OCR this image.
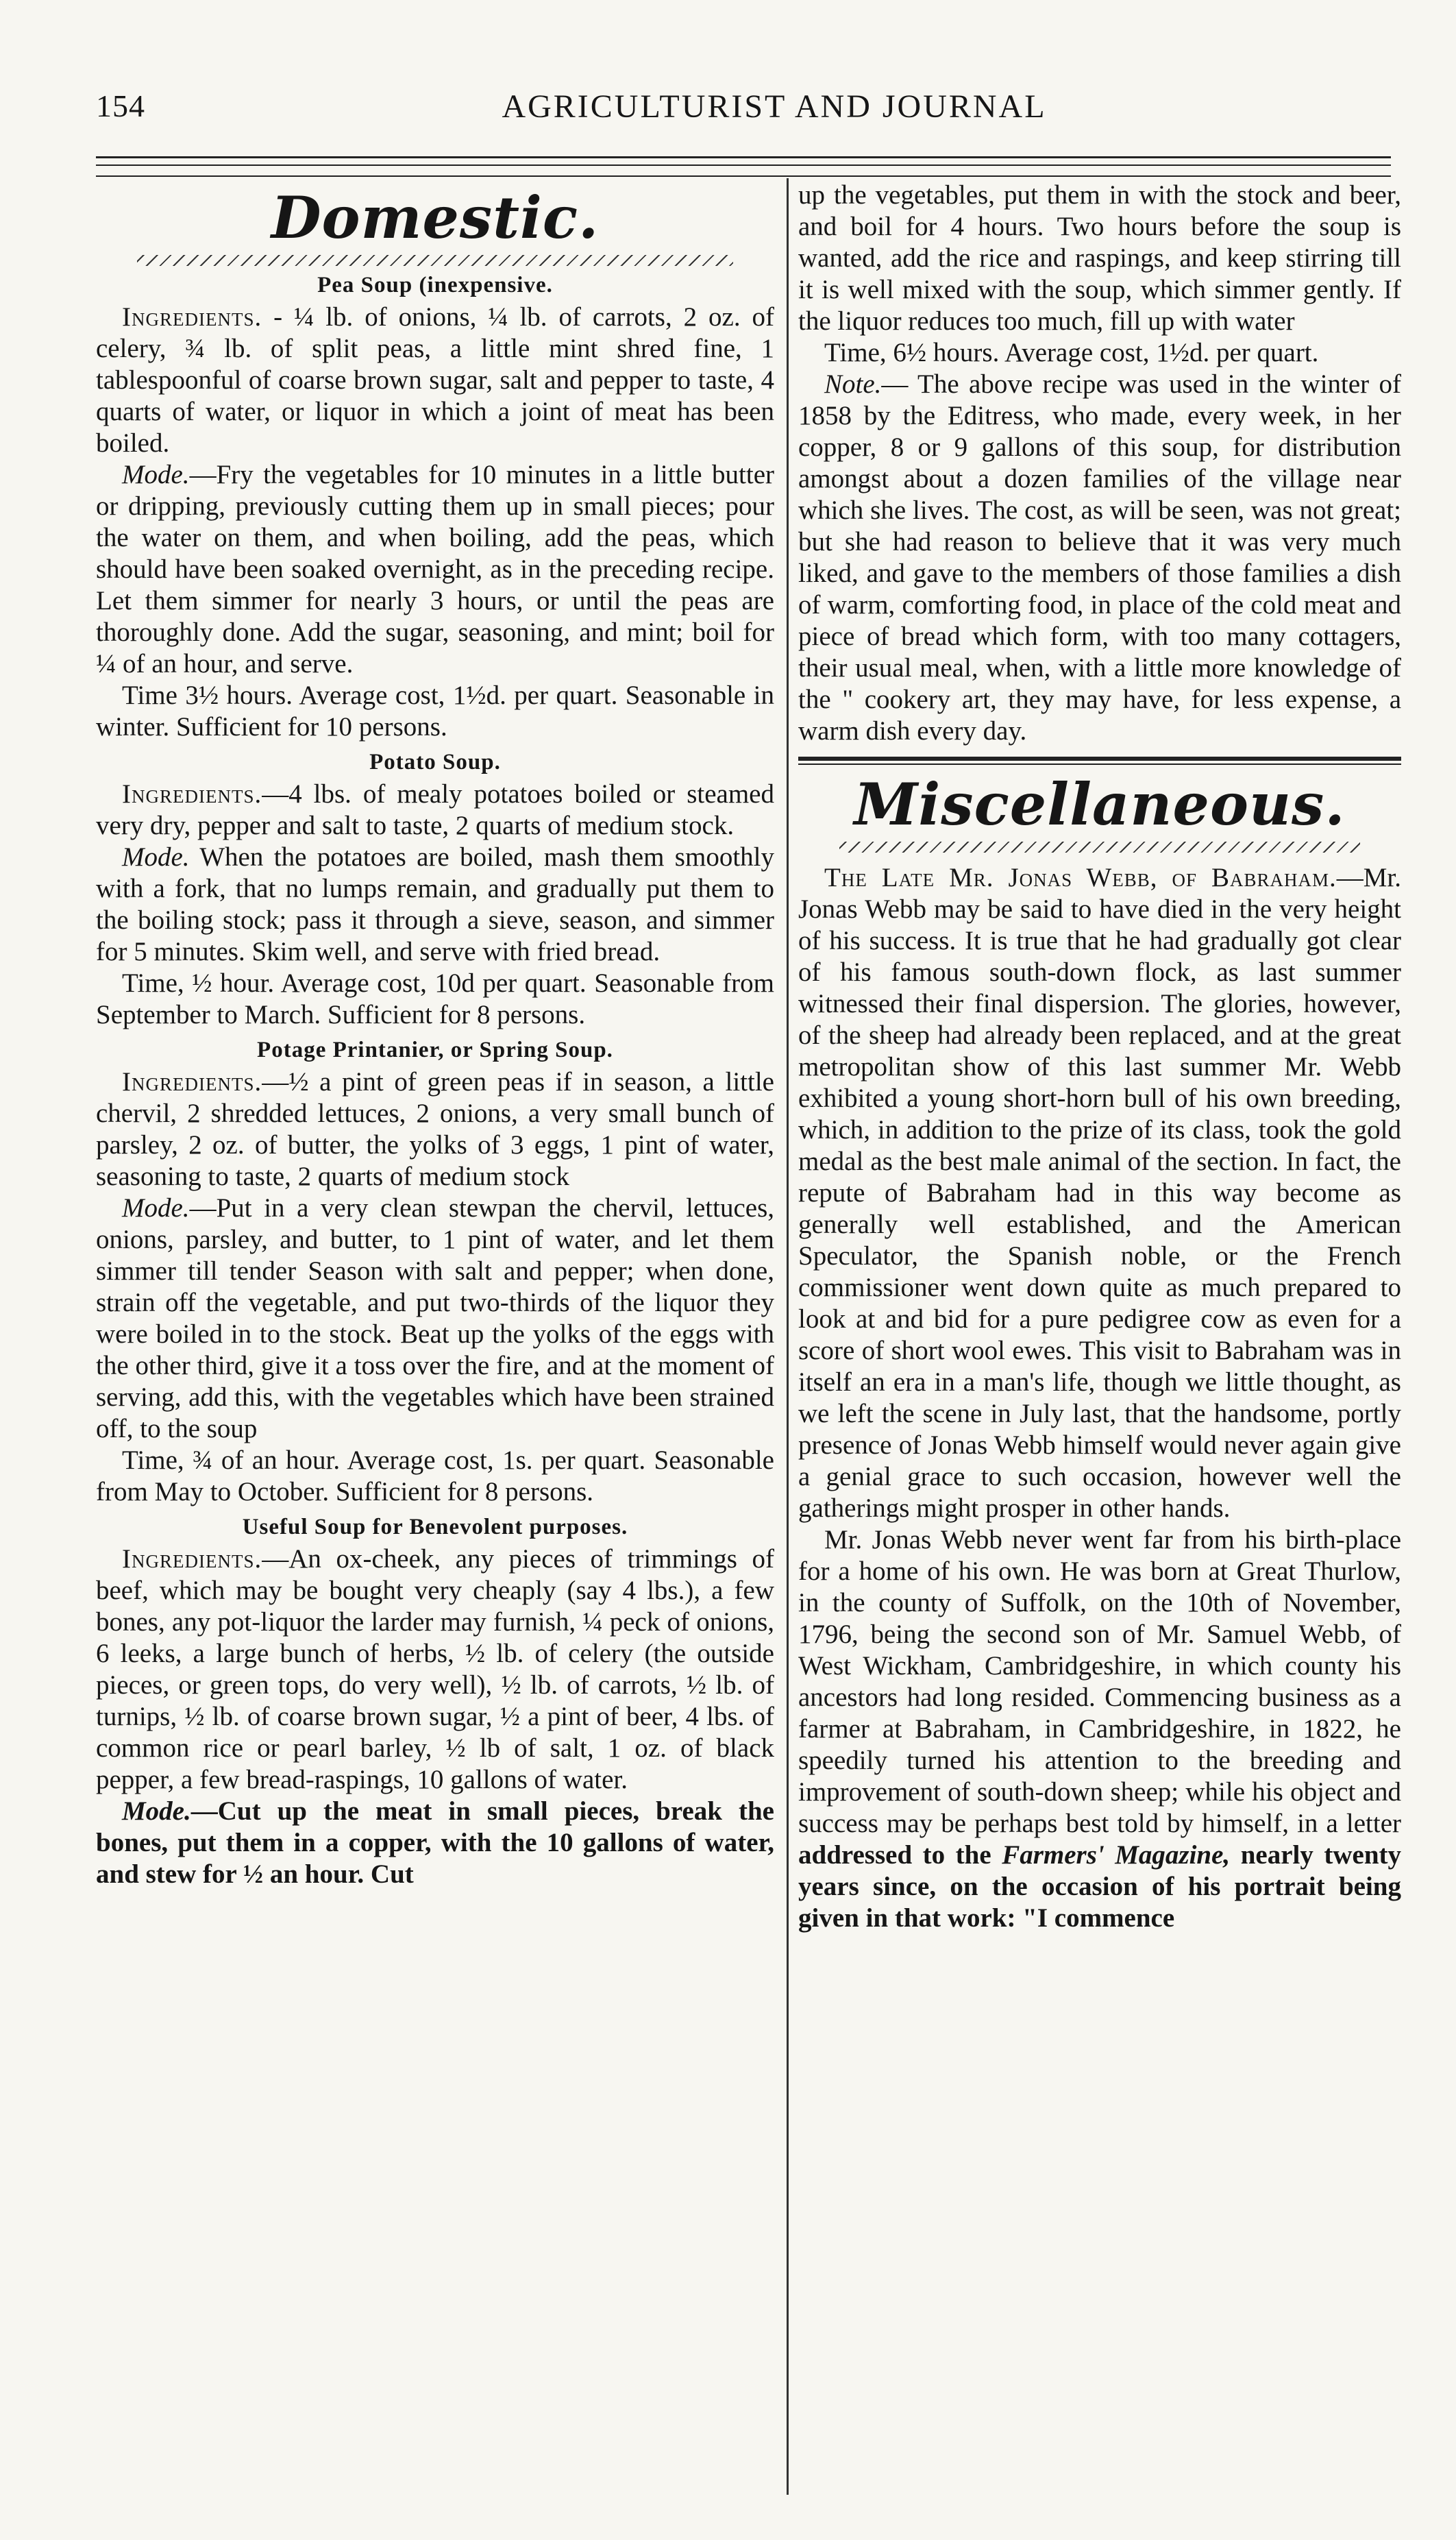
154	AGRICULTURIST AND JOURNAL
Domestic.
Pea Soup (inexpensive.

Ingredients. - ¼ lb. of onions, ¼ lb. of carrots, 2 oz. of celery, ¾ lb. of split peas, a little mint shred fine, 1 tablespoonful of coarse brown sugar, salt and pepper to taste, 4 quarts of water, or liquor in which a joint of meat has been boiled.

Mode.—Fry the vegetables for 10 minutes in a little butter or dripping, previously cutting them up in small pieces; pour the water on them, and when boiling, add the peas, which should have been soaked overnight, as in the preceding recipe. Let them simmer for nearly 3 hours, or until the peas are thoroughly done. Add the sugar, seasoning, and mint; boil for ¼ of an hour, and serve.

Time 3½ hours. Average cost, 1½d. per quart. Seasonable in winter. Sufficient for 10 persons.

Potato Soup.

Ingredients.—4 lbs. of mealy potatoes boiled or steamed very dry, pepper and salt to taste, 2 quarts of medium stock.

Mode. When the potatoes are boiled, mash them smoothly with a fork, that no lumps remain, and gradually put them to the boiling stock; pass it through a sieve, season, and simmer for 5 minutes. Skim well, and serve with fried bread.

Time, ½ hour. Average cost, 10d per quart. Seasonable from September to March. Sufficient for 8 persons.

Potage Printanier, or Spring Soup.

Ingredients.—½ a pint of green peas if in season, a little chervil, 2 shredded lettuces, 2 onions, a very small bunch of parsley, 2 oz. of butter, the yolks of 3 eggs, 1 pint of water, seasoning to taste, 2 quarts of medium stock

Mode.—Put in a very clean stewpan the chervil, lettuces, onions, parsley, and butter, to 1 pint of water, and let them simmer till tender Season with salt and pepper; when done, strain off the vegetable, and put two-thirds of the liquor they were boiled in to the stock. Beat up the yolks of the eggs with the other third, give it a toss over the fire, and at the moment of serving, add this, with the vegetables which have been strained off, to the soup

Time, ¾ of an hour. Average cost, 1s. per quart. Seasonable from May to October. Sufficient for 8 persons.

Useful Soup for Benevolent purposes.

Ingredients.—An ox-cheek, any pieces of trimmings of beef, which may be bought very cheaply (say 4 lbs.), a few bones, any pot-liquor the larder may furnish, ¼ peck of onions, 6 leeks, a large bunch of herbs, ½ lb. of celery (the outside pieces, or green tops, do very well), ½ lb. of carrots, ½ lb. of turnips, ½ lb. of coarse brown sugar, ½ a pint of beer, 4 lbs. of common rice or pearl barley, ½ lb of salt, 1 oz. of black pepper, a few bread-raspings, 10 gallons of water.

Mode.—Cut up the meat in small pieces, break the bones, put them in a copper, with the 10 gallons of water, and stew for ½ an hour. Cut

up the vegetables, put them in with the stock and beer, and boil for 4 hours. Two hours before the soup is wanted, add the rice and raspings, and keep stirring till it is well mixed with the soup, which simmer gently. If the liquor reduces too much, fill up with water

Time, 6½ hours. Average cost, 1½d. per quart.

Note.— The above recipe was used in the winter of 1858 by the Editress, who made, every week, in her copper, 8 or 9 gallons of this soup, for distribution amongst about a dozen families of the village near which she lives. The cost, as will be seen, was not great; but she had reason to believe that it was very much liked, and gave to the members of those families a dish of warm, comforting food, in place of the cold meat and piece of bread which form, with too many cottagers, their usual meal, when, with a little more knowledge of the " cookery art, they may have, for less expense, a warm dish every day.

Miscellaneous.

The Late Mr. Jonas Webb, of Babraham.—Mr. Jonas Webb may be said to have died in the very height of his success. It is true that he had gradually got clear of his famous south-down flock, as last summer witnessed their final dispersion. The glories, however, of the sheep had already been replaced, and at the great metropolitan show of this last summer Mr. Webb exhibited a young short-horn bull of his own breeding, which, in addition to the prize of its class, took the gold medal as the best male animal of the section. In fact, the repute of Babraham had in this way become as generally well established, and the American Speculator, the Spanish noble, or the French commissioner went down quite as much prepared to look at and bid for a pure pedigree cow as even for a score of short wool ewes. This visit to Babraham was in itself an era in a man's life, though we little thought, as we left the scene in July last, that the handsome, portly presence of Jonas Webb himself would never again give a genial grace to such occasion, however well the gatherings might prosper in other hands.

Mr. Jonas Webb never went far from his birth-place for a home of his own. He was born at Great Thurlow, in the county of Suffolk, on the 10th of November, 1796, being the second son of Mr. Samuel Webb, of West Wickham, Cambridgeshire, in which county his ancestors had long resided. Commencing business as a farmer at Babraham, in Cambridgeshire, in 1822, he speedily turned his attention to the breeding and improvement of south-down sheep; while his object and success may be perhaps best told by himself, in a letter addressed to the Farmers' Magazine, nearly twenty years since, on the occasion of his portrait being given in that work: "I commence
